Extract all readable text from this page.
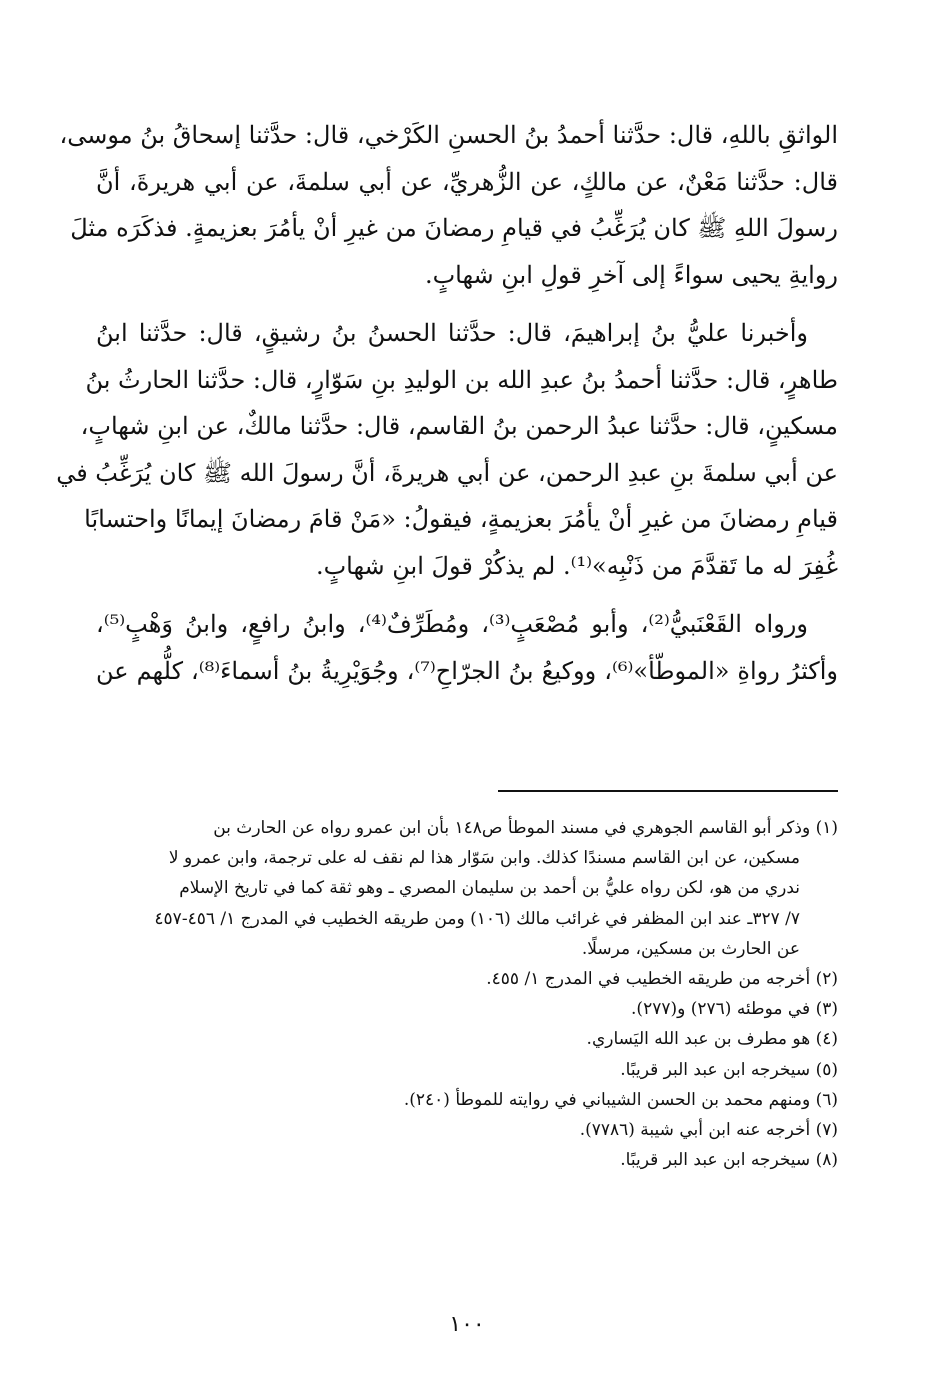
الواثقِ باللهِ، قال: حدَّثنا أحمدُ بنُ الحسنِ الكَرْخي، قال: حدَّثنا إسحاقُ بنُ موسى،
قال: حدَّثنا مَعْنٌ، عن مالكٍ، عن الزُّهريِّ، عن أبي سلمةَ، عن أبي هريرةَ، أنَّ
رسولَ اللهِ ﷺ كان يُرَغِّبُ في قيامِ رمضانَ من غيرِ أنْ يأمُرَ بعزيمةٍ. فذكَرَه مثلَ
روايةِ يحيى سواءً إلى آخرِ قولِ ابنِ شهابٍ.

وأخبرنا عليُّ بنُ إبراهيمَ، قال: حدَّثنا الحسنُ بنُ رشيقٍ، قال: حدَّثنا ابنُ
طاهرٍ، قال: حدَّثنا أحمدُ بنُ عبدِ الله بن الوليدِ بنِ سَوّارٍ، قال: حدَّثنا الحارثُ بنُ
مسكينٍ، قال: حدَّثنا عبدُ الرحمن بنُ القاسم، قال: حدَّثنا مالكٌ، عن ابنِ شهابٍ،
عن أبي سلمةَ بنِ عبدِ الرحمن، عن أبي هريرةَ، أنَّ رسولَ الله ﷺ كان يُرَغِّبُ في
قيامِ رمضانَ من غيرِ أنْ يأمُرَ بعزيمةٍ، فيقولُ: «مَنْ قامَ رمضانَ إيمانًا واحتسابًا
غُفِرَ له ما تَقدَّمَ من ذَنْبِه»⁽¹⁾. لم يذكُرْ قولَ ابنِ شهابٍ.

ورواه القَعْنَبيُّ⁽²⁾، وأبو مُصْعَبٍ⁽³⁾، ومُطَرِّفٌ⁽⁴⁾، وابنُ رافعٍ، وابنُ وَهْبٍ⁽⁵⁾،
وأكثرُ رواةِ «الموطّأ»⁽⁶⁾، ووكيعُ بنُ الجرّاحِ⁽⁷⁾، وجُوَيْرِيةُ بنُ أسماءَ⁽⁸⁾، كلُّهم عن

(١) وذكر أبو القاسم الجوهري في مسند الموطأ ص١٤٨ بأن ابن عمرو رواه عن الحارث بن
مسكين، عن ابن القاسم مسندًا كذلك. وابن سَوّار هذا لم نقف له على ترجمة، وابن عمرو لا
ندري من هو، لكن رواه عليُّ بن أحمد بن سليمان المصري ـ وهو ثقة كما في تاريخ الإسلام
٧/ ٣٢٧ـ عند ابن المظفر في غرائب مالك (١٠٦) ومن طريقه الخطيب في المدرج ١/ ٤٥٦-٤٥٧
عن الحارث بن مسكين، مرسلًا.
(٢) أخرجه من طريقه الخطيب في المدرج ١/ ٤٥٥.
(٣) في موطئه (٢٧٦) و(٢٧٧).
(٤) هو مطرف بن عبد الله اليَساري.
(٥) سيخرجه ابن عبد البر قريبًا.
(٦) ومنهم محمد بن الحسن الشيباني في روايته للموطأ (٢٤٠).
(٧) أخرجه عنه ابن أبي شيبة (٧٧٨٦).
(٨) سيخرجه ابن عبد البر قريبًا.
١٠٠
